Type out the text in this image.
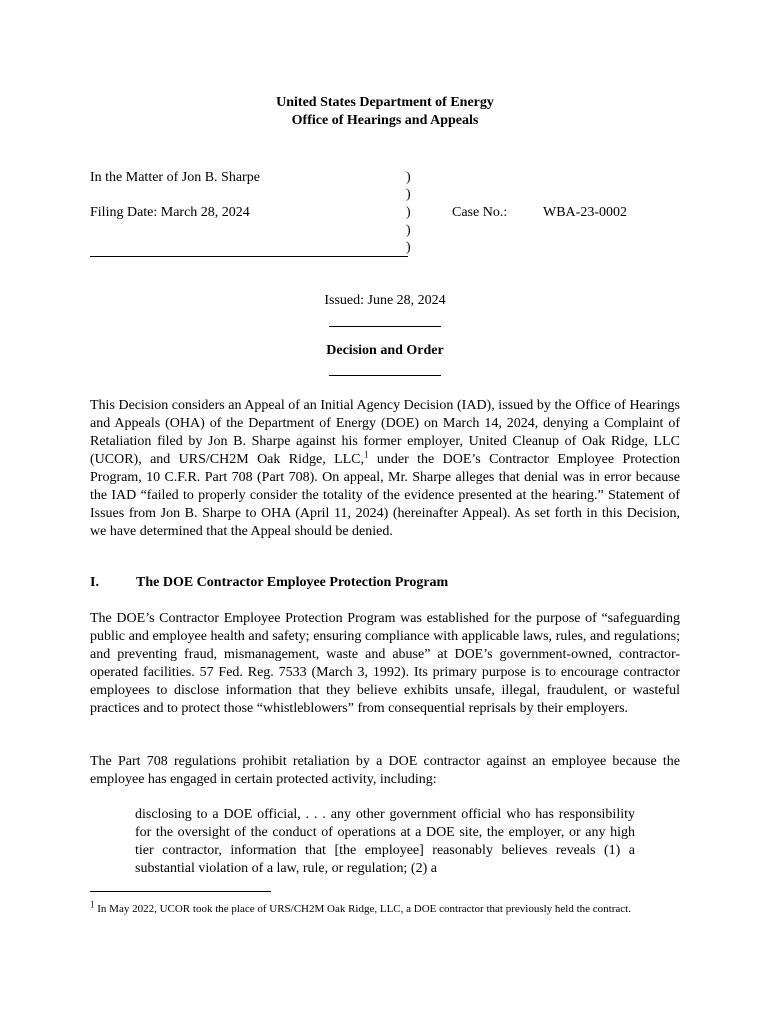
United States Department of Energy
Office of Hearings and Appeals
In the Matter of Jon B. Sharpe
Filing Date: March 28, 2024
)
)
)
)
)
Case No.:	WBA-23-0002
Issued: June 28, 2024
Decision and Order
This Decision considers an Appeal of an Initial Agency Decision (IAD), issued by the Office of Hearings and Appeals (OHA) of the Department of Energy (DOE) on March 14, 2024, denying a Complaint of Retaliation filed by Jon B. Sharpe against his former employer, United Cleanup of Oak Ridge, LLC (UCOR), and URS/CH2M Oak Ridge, LLC,$^1$ under the DOE’s Contractor Employee Protection Program, 10 C.F.R. Part 708 (Part 708). On appeal, Mr. Sharpe alleges that denial was in error because the IAD “failed to properly consider the totality of the evidence presented at the hearing.” Statement of Issues from Jon B. Sharpe to OHA (April 11, 2024) (hereinafter Appeal). As set forth in this Decision, we have determined that the Appeal should be denied.
I.	The DOE Contractor Employee Protection Program
The DOE’s Contractor Employee Protection Program was established for the purpose of “safeguarding public and employee health and safety; ensuring compliance with applicable laws, rules, and regulations; and preventing fraud, mismanagement, waste and abuse” at DOE’s government-owned, contractor-operated facilities. 57 Fed. Reg. 7533 (March 3, 1992). Its primary purpose is to encourage contractor employees to disclose information that they believe exhibits unsafe, illegal, fraudulent, or wasteful practices and to protect those “whistleblowers” from consequential reprisals by their employers.
The Part 708 regulations prohibit retaliation by a DOE contractor against an employee because the employee has engaged in certain protected activity, including:
disclosing to a DOE official, . . . any other government official who has responsibility for the oversight of the conduct of operations at a DOE site, the employer, or any high tier contractor, information that [the employee] reasonably believes reveals (1) a substantial violation of a law, rule, or regulation; (2) a
$^1$ In May 2022, UCOR took the place of URS/CH2M Oak Ridge, LLC, a DOE contractor that previously held the contract.
